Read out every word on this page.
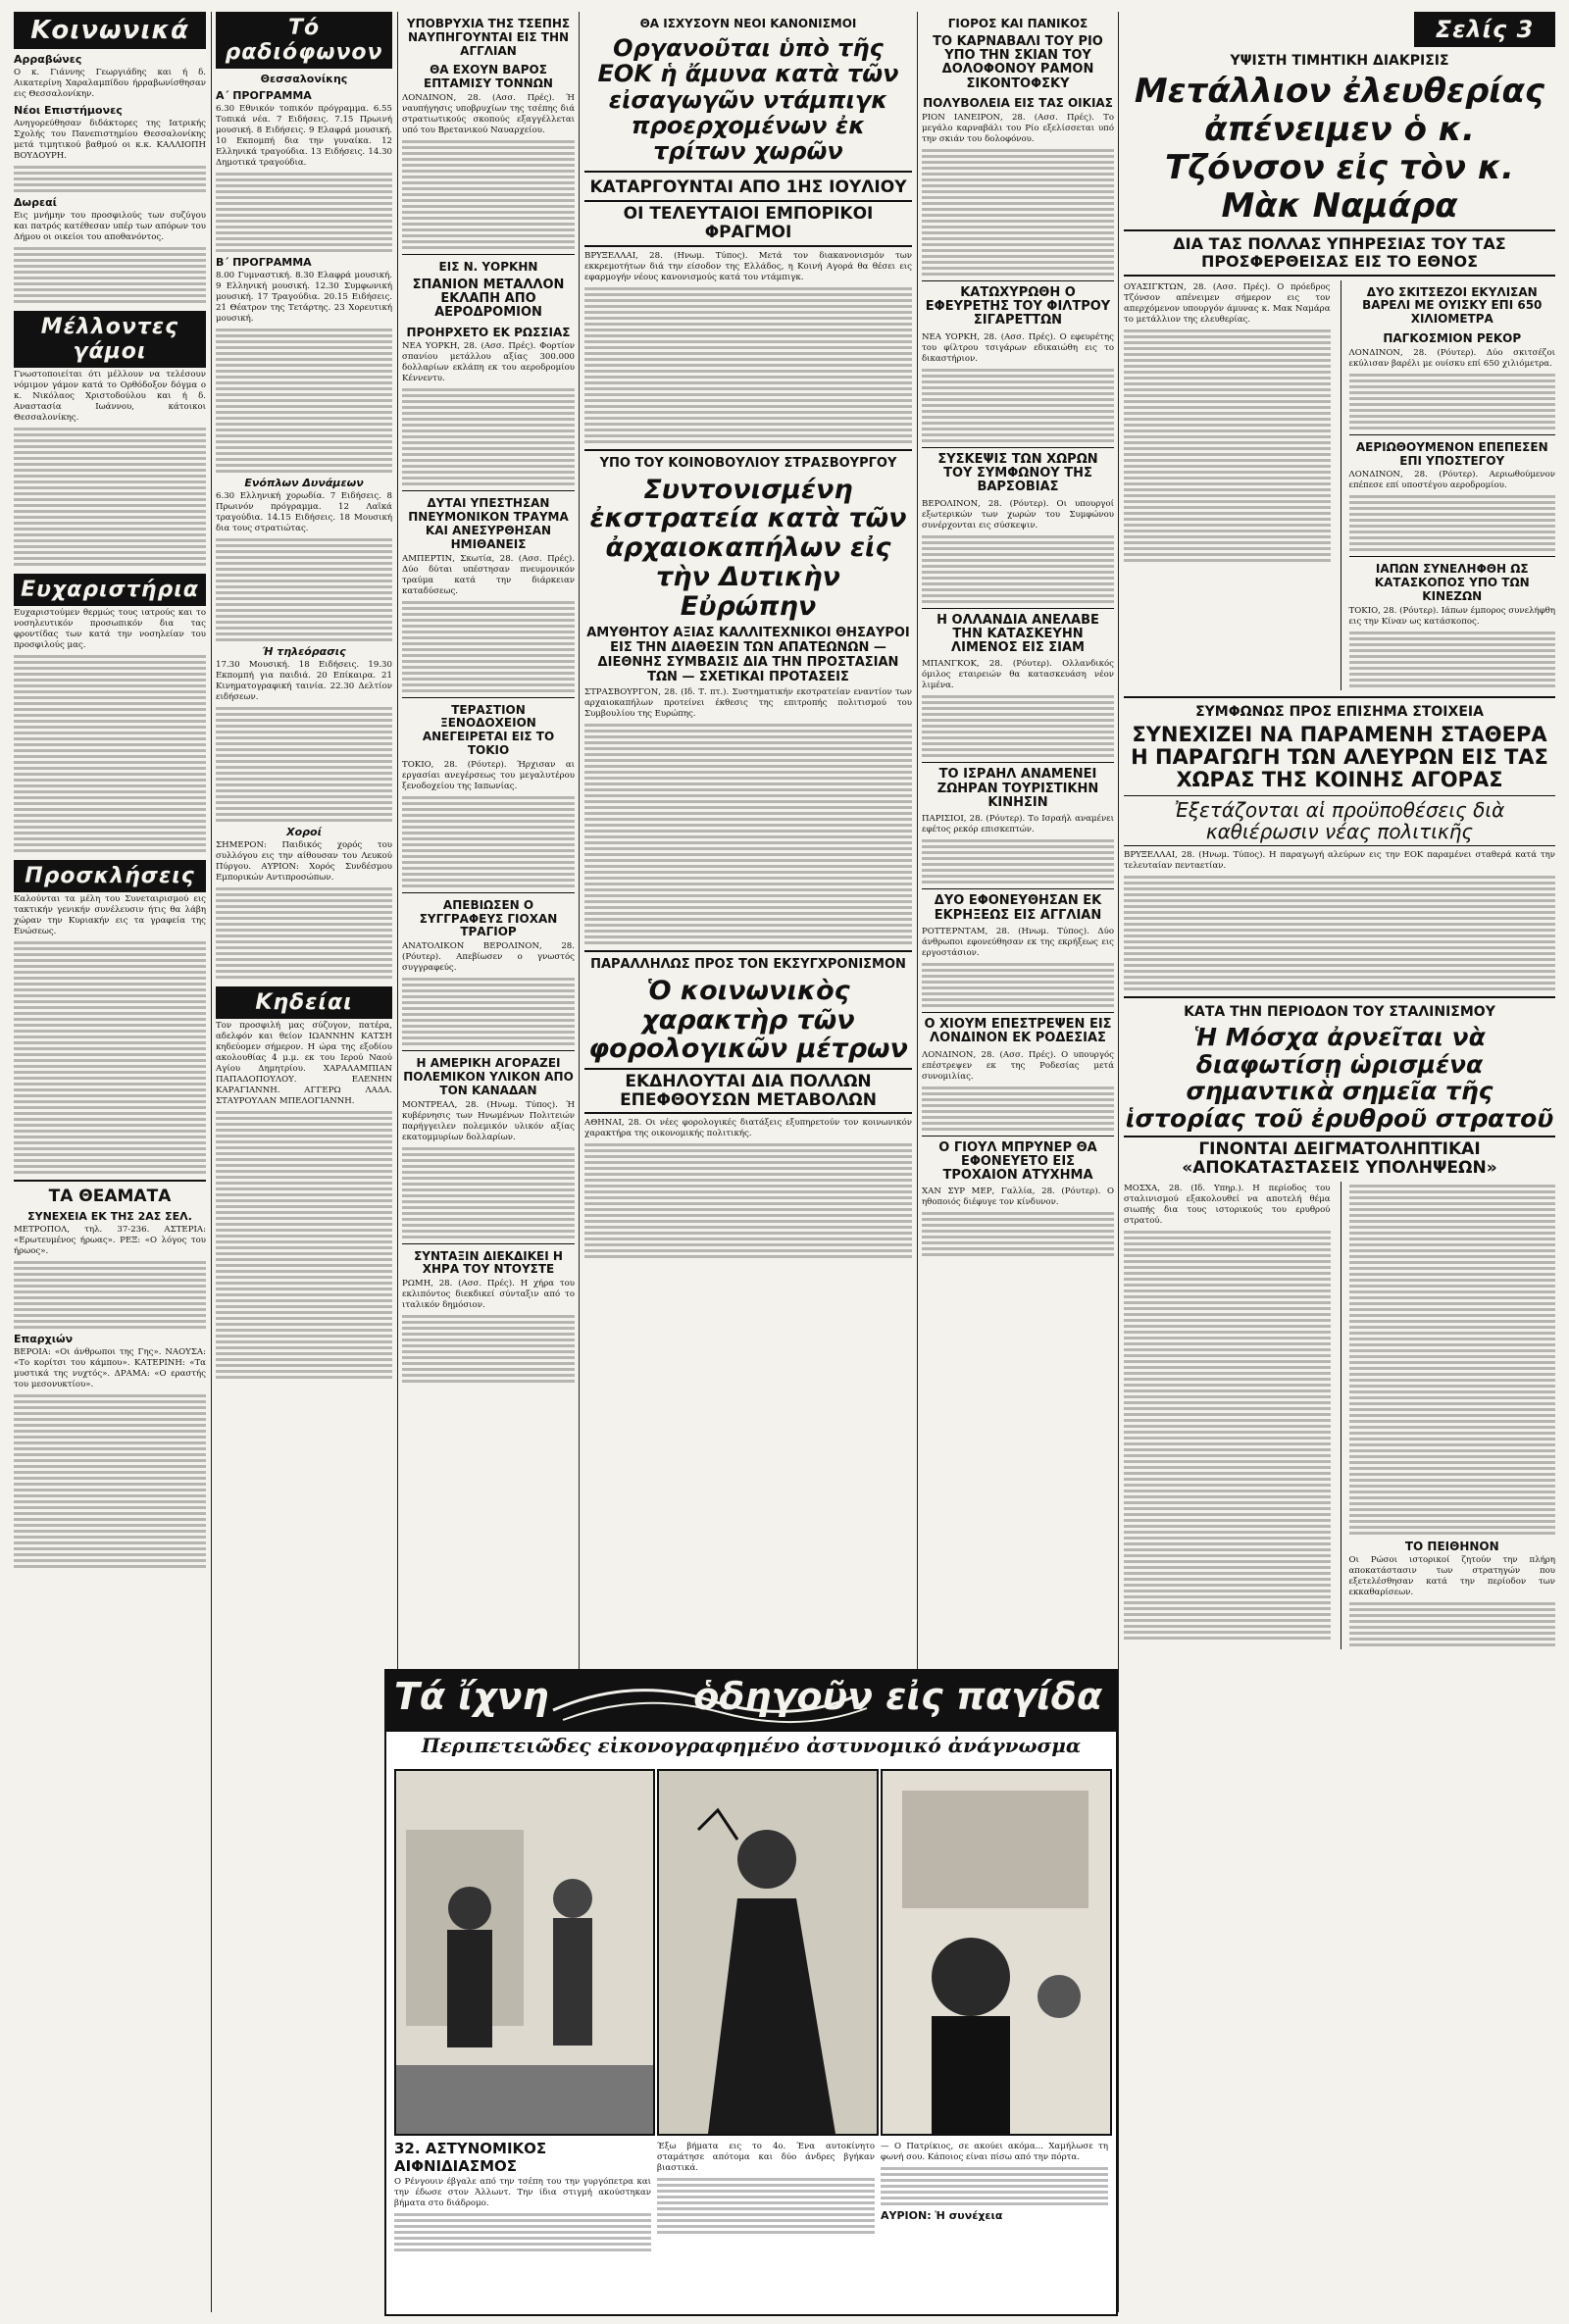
Κοινωνικά
Αρραβώνες
Ο κ. Γιάννης Γεωργιάδης και ή δ. Αικατερίνη Χαραλαμπίδου ήρραβωνίσθησαν εις Θεσσαλονίκην.
Νέοι Επιστήμονες
Ανηγορεύθησαν διδάκτορες της Ιατρικής Σχολής του Πανεπιστημίου Θεσσαλονίκης μετά τιμητικού βαθμού οι κ.κ. ΚΑΛΛΙΟΠΗ ΒΟΥΔΟΥΡΗ.
Δωρεαί
Εις μνήμην του προσφιλούς των συζύγου και πατρός κατέθεσαν υπέρ των απόρων του Δήμου οι οικείοι του αποθανόντος.
Μέλλοντες γάμοι
Γνωστοποιείται ότι μέλλουν να τελέσουν νόμιμον γάμον κατά το Ορθόδοξον δόγμα ο κ. Νικόλαος Χριστοδούλου και ή δ. Αναστασία Ιωάννου, κάτοικοι Θεσσαλονίκης.
Ευχαριστήρια
Ευχαριστούμεν θερμώς τους ιατρούς και το νοσηλευτικόν προσωπικόν δια τας φροντίδας των κατά την νοσηλείαν του προσφιλούς μας.
Προσκλήσεις
Καλούνται τα μέλη του Συνεταιρισμού εις τακτικήν γενικήν συνέλευσιν ήτις θα λάβη χώραν την Κυριακήν εις τα γραφεία της Ενώσεως.
ΤΑ ΘΕΑΜΑΤΑ
ΣΥΝΕΧΕΙΑ ΕΚ ΤΗΣ 2ΑΣ ΣΕΛ.
ΜΕΤΡΟΠΟΛ, τηλ. 37-236. ΑΣΤΕΡΙΑ: «Ερωτευμένος ήρωας». ΡΕΞ: «Ο λόγος του ήρωος».
Επαρχιών
ΒΕΡΟΙΑ: «Οι άνθρωποι της Γης». ΝΑΟΥΣΑ: «Το κορίτσι του κάμπου». ΚΑΤΕΡΙΝΗ: «Τα μυστικά της νυχτός». ΔΡΑΜΑ: «Ο εραστής του μεσονυκτίου».
Τό ραδιόφωνον
Θεσσαλονίκης
Α΄ ΠΡΟΓΡΑΜΜΑ
6.30 Εθνικόν τοπικόν πρόγραμμα. 6.55 Τοπικά νέα. 7 Ειδήσεις. 7.15 Πρωινή μουσική. 8 Ειδήσεις. 9 Ελαφρά μουσική. 10 Εκπομπή δια την γυναίκα. 12 Ελληνικά τραγούδια. 13 Ειδήσεις. 14.30 Δημοτικά τραγούδια.
Β΄ ΠΡΟΓΡΑΜΜΑ
8.00 Γυμναστική. 8.30 Ελαφρά μουσική. 9 Ελληνική μουσική. 12.30 Συμφωνική μουσική. 17 Τραγούδια. 20.15 Ειδήσεις. 21 Θέατρον της Τετάρτης. 23 Χορευτική μουσική.
Ενόπλων Δυνάμεων
6.30 Ελληνική χορωδία. 7 Ειδήσεις. 8 Πρωινόν πρόγραμμα. 12 Λαϊκά τραγούδια. 14.15 Ειδήσεις. 18 Μουσική δια τους στρατιώτας.
Ή τηλεόρασις
17.30 Μουσική. 18 Ειδήσεις. 19.30 Εκπομπή για παιδιά. 20 Επίκαιρα. 21 Κινηματογραφική ταινία. 22.30 Δελτίον ειδήσεων.
Χοροί
ΣΗΜΕΡΟΝ: Παιδικός χορός του συλλόγου εις την αίθουσαν του Λευκού Πύργου. ΑΥΡΙΟΝ: Χορός Συνδέσμου Εμπορικών Αντιπροσώπων.
Κηδείαι
Τον προσφιλή μας σύζυγον, πατέρα, αδελφόν και θείον ΙΩΑΝΝΗΝ ΚΑΤΣΗ κηδεύομεν σήμερον. Η ώρα της εξοδίου ακολουθίας 4 μ.μ. εκ του Ιερού Ναού Αγίου Δημητρίου. ΧΑΡΑΛΑΜΠΙΑΝ ΠΑΠΑΔΟΠΟΥΛΟΥ. ΕΛΕΝΗΝ ΚΑΡΑΓΙΑΝΝΗ. ΑΓΓΕΡΩ ΛΑΔΑ. ΣΤΑΥΡΟΥΛΑΝ ΜΠΕΛΟΓΙΑΝΝΗ.
ΥΠΟΒΡΥΧΙΑ ΤΗΣ ΤΣΕΠΗΣ ΝΑΥΠΗΓΟΥΝΤΑΙ ΕΙΣ ΤΗΝ ΑΓΓΛΙΑΝ
ΘΑ ΕΧΟΥΝ ΒΑΡΟΣ ΕΠΤΑΜΙΣΥ ΤΟΝΝΩΝ
ΛΟΝΔΙΝΟΝ, 28. (Ασσ. Πρές). Ή ναυπήγησις υποβρυχίων της τσέπης διά στρατιωτικούς σκοπούς εξαγγέλλεται υπό του Βρετανικού Ναυαρχείου.
ΕΙΣ Ν. ΥΟΡΚΗΝ
ΣΠΑΝΙΟΝ ΜΕΤΑΛΛΟΝ ΕΚΛΑΠΗ ΑΠΟ ΑΕΡΟΔΡΟΜΙΟΝ
ΠΡΟΗΡΧΕΤΟ ΕΚ ΡΩΣΣΙΑΣ
ΝΕΑ ΥΟΡΚΗ, 28. (Ασσ. Πρές). Φορτίον σπανίου μετάλλου αξίας 300.000 δολλαρίων εκλάπη εκ του αεροδρομίου Κέννεντυ.
ΔΥΤΑΙ ΥΠΕΣΤΗΣΑΝ ΠΝΕΥΜΟΝΙΚΟΝ ΤΡΑΥΜΑ ΚΑΙ ΑΝΕΣΥΡΘΗΣΑΝ ΗΜΙΘΑΝΕΙΣ
ΑΜΠΕΡΤΙΝ, Σκωτία, 28. (Ασσ. Πρές). Δύο δύται υπέστησαν πνευμονικόν τραύμα κατά την διάρκειαν καταδύσεως.
ΤΕΡΑΣΤΙΟΝ ΞΕΝΟΔΟΧΕΙΟΝ ΑΝΕΓΕΙΡΕΤΑΙ ΕΙΣ ΤΟ ΤΟΚΙΟ
ΤΟΚΙΟ, 28. (Ρόυτερ). Ήρχισαν αι εργασίαι ανεγέρσεως του μεγαλυτέρου ξενοδοχείου της Ιαπωνίας.
ΑΠΕΒΙΩΣΕΝ Ο ΣΥΓΓΡΑΦΕΥΣ ΓΙΟΧΑΝ ΤΡΑΓΙΟΡ
ΑΝΑΤΟΛΙΚΟΝ ΒΕΡΟΛΙΝΟΝ, 28. (Ρόυτερ). Απεβίωσεν ο γνωστός συγγραφεύς.
Η ΑΜΕΡΙΚΗ ΑΓΟΡΑΖΕΙ ΠΟΛΕΜΙΚΟΝ ΥΛΙΚΟΝ ΑΠΟ ΤΟΝ ΚΑΝΑΔΑΝ
ΜΟΝΤΡΕΑΛ, 28. (Ηνωμ. Τύπος). Ή κυβέρνησις των Ηνωμένων Πολιτειών παρήγγειλεν πολεμικόν υλικόν αξίας εκατομμυρίων δολλαρίων.
ΣΥΝΤΑΞΙΝ ΔΙΕΚΔΙΚΕΙ Η ΧΗΡΑ ΤΟΥ ΝΤΟΥΣΤΕ
ΡΩΜΗ, 28. (Ασσ. Πρές). Η χήρα του εκλιπόντος διεκδικεί σύνταξιν από το ιταλικόν δημόσιον.
ΘΑ ΙΣΧΥΣΟΥΝ ΝΕΟΙ ΚΑΝΟΝΙΣΜΟΙ
Οργανοῦται ὑπὸ τῆς ΕΟΚ ἡ ἄμυνα κατὰ τῶν εἰσαγωγῶν ντάμπιγκ προερχομένων ἐκ τρίτων χωρῶν
ΚΑΤΑΡΓΟΥΝΤΑΙ ΑΠΟ 1ΗΣ ΙΟΥΛΙΟΥ
ΟΙ ΤΕΛΕΥΤΑΙΟΙ ΕΜΠΟΡΙΚΟΙ ΦΡΑΓΜΟΙ
ΒΡΥΞΕΛΛΑΙ, 28. (Ηνωμ. Τύπος). Μετά τον διακανονισμόν των εκκρεμοτήτων διά την είσοδον της Ελλάδος, η Κοινή Αγορά θα θέσει εις εφαρμογήν νέους κανονισμούς κατά του ντάμπιγκ.
ΥΠΟ ΤΟΥ ΚΟΙΝΟΒΟΥΛΙΟΥ ΣΤΡΑΣΒΟΥΡΓΟΥ
Συντονισμένη ἐκστρατεία κατὰ τῶν ἀρχαιοκαπήλων εἰς τὴν Δυτικὴν Εὐρώπην
ΑΜΥΘΗΤΟΥ ΑΞΙΑΣ ΚΑΛΛΙΤΕΧΝΙΚΟΙ ΘΗΣΑΥΡΟΙ ΕΙΣ ΤΗΝ ΔΙΑΘΕΣΙΝ ΤΩΝ ΑΠΑΤΕΩΝΩΝ — ΔΙΕΘΝΗΣ ΣΥΜΒΑΣΙΣ ΔΙΑ ΤΗΝ ΠΡΟΣΤΑΣΙΑΝ ΤΩΝ — ΣΧΕΤΙΚΑΙ ΠΡΟΤΑΣΕΙΣ
ΣΤΡΑΣΒΟΥΡΓΟΝ, 28. (Ιδ. Τ. πτ.). Συστηματικήν εκστρατείαν εναντίον των αρχαιοκαπήλων προτείνει έκθεσις της επιτροπής πολιτισμού του Συμβουλίου της Ευρώπης.
ΠΑΡΑΛΛΗΛΩΣ ΠΡΟΣ ΤΟΝ ΕΚΣΥΓΧΡΟΝΙΣΜΟΝ
Ὁ κοινωνικὸς χαρακτὴρ τῶν φορολογικῶν μέτρων
ΕΚΔΗΛΟΥΤΑΙ ΔΙΑ ΠΟΛΛΩΝ ΕΠΕΦΘΟΥΣΩΝ ΜΕΤΑΒΟΛΩΝ
ΑΘΗΝΑΙ, 28. Οι νέες φορολογικές διατάξεις εξυπηρετούν τον κοινωνικόν χαρακτήρα της οικονομικής πολιτικής.
ΓΙΟΡΟΣ ΚΑΙ ΠΑΝΙΚΟΣ
ΤΟ ΚΑΡΝΑΒΑΛΙ ΤΟΥ ΡΙΟ ΥΠΟ ΤΗΝ ΣΚΙΑΝ ΤΟΥ ΔΟΛΟΦΟΝΟΥ ΡΑΜΟΝ ΣΙΚΟΝΤΟΦΣΚΥ
ΠΟΛΥΒΟΛΕΙΑ ΕΙΣ ΤΑΣ ΟΙΚΙΑΣ
ΡΙΟΝ ΙΑΝΕΙΡΟΝ, 28. (Ασσ. Πρές). Το μεγάλο καρναβάλι του Ρίο εξελίσσεται υπό την σκιάν του δολοφόνου.
ΚΑΤΩΧΥΡΩΘΗ Ο ΕΦΕΥΡΕΤΗΣ ΤΟΥ ΦΙΛΤΡΟΥ ΣΙΓΑΡΕΤΤΩΝ
ΝΕΑ ΥΟΡΚΗ, 28. (Ασσ. Πρές). Ο εφευρέτης του φίλτρου τσιγάρων εδικαιώθη εις το δικαστήριον.
ΣΥΣΚΕΨΙΣ ΤΩΝ ΧΩΡΩΝ ΤΟΥ ΣΥΜΦΩΝΟΥ ΤΗΣ ΒΑΡΣΟΒΙΑΣ
ΒΕΡΟΛΙΝΟΝ, 28. (Ρόυτερ). Οι υπουργοί εξωτερικών των χωρών του Συμφώνου συνέρχονται εις σύσκεψιν.
Η ΟΛΛΑΝΔΙΑ ΑΝΕΛΑΒΕ ΤΗΝ ΚΑΤΑΣΚΕΥΗΝ ΛΙΜΕΝΟΣ ΕΙΣ ΣΙΑΜ
ΜΠΑΝΓΚΟΚ, 28. (Ρόυτερ). Ολλανδικός όμιλος εταιρειών θα κατασκευάση νέον λιμένα.
ΤΟ ΙΣΡΑΗΛ ΑΝΑΜΕΝΕΙ ΖΩΗΡΑΝ ΤΟΥΡΙΣΤΙΚΗΝ ΚΙΝΗΣΙΝ
ΠΑΡΙΣΙΟΙ, 28. (Ρόυτερ). Το Ισραήλ αναμένει εφέτος ρεκόρ επισκεπτών.
ΔΥΟ ΕΦΟΝΕΥΘΗΣΑΝ ΕΚ ΕΚΡΗΞΕΩΣ ΕΙΣ ΑΓΓΛΙΑΝ
ΡΟΤΤΕΡΝΤΑΜ, 28. (Ηνωμ. Τύπος). Δύο άνθρωποι εφονεύθησαν εκ της εκρήξεως εις εργοστάσιον.
Ο ΧΙΟΥΜ ΕΠΕΣΤΡΕΨΕΝ ΕΙΣ ΛΟΝΔΙΝΟΝ ΕΚ ΡΟΔΕΣΙΑΣ
ΛΟΝΔΙΝΟΝ, 28. (Ασσ. Πρές). Ο υπουργός επέστρεψεν εκ της Ροδεσίας μετά συνομιλίας.
Ο ΓΙΟΥΛ ΜΠΡΥΝΕΡ ΘΑ ΕΦΟΝΕΥΕΤΟ ΕΙΣ ΤΡΟΧΑΙΟΝ ΑΤΥΧΗΜΑ
ΧΑΝ ΣΥΡ ΜΕΡ, Γαλλία, 28. (Ρόυτερ). Ο ηθοποιός διέφυγε τον κίνδυνον.
Σελίς 3
ΥΨΙΣΤΗ ΤΙΜΗΤΙΚΗ ΔΙΑΚΡΙΣΙΣ
Μετάλλιον ἐλευθερίας ἀπένειμεν ὁ κ. Τζόνσον εἰς τὸν κ. Μὰκ Ναμάρα
ΔΙΑ ΤΑΣ ΠΟΛΛΑΣ ΥΠΗΡΕΣΙΑΣ ΤΟΥ ΤΑΣ ΠΡΟΣΦΕΡΘΕΙΣΑΣ ΕΙΣ ΤΟ ΕΘΝΟΣ
ΟΥΑΣΙΓΚΤΩΝ, 28. (Ασσ. Πρές). Ο πρόεδρος Τζόνσον απένειμεν σήμερον εις τον απερχόμενον υπουργόν άμυνας κ. Μακ Ναμάρα το μετάλλιον της ελευθερίας.
ΔΥΟ ΣΚΙΤΣΕΖΟΙ ΕΚΥΛΙΣΑΝ ΒΑΡΕΛΙ ΜΕ ΟΥΙΣΚΥ ΕΠΙ 650 ΧΙΛΙΟΜΕΤΡΑ
ΠΑΓΚΟΣΜΙΟΝ ΡΕΚΟΡ
ΛΟΝΔΙΝΟΝ, 28. (Ρόυτερ). Δύο σκιτσέζοι εκύλισαν βαρέλι με ουίσκυ επί 650 χιλιόμετρα.
ΑΕΡΙΩΘΟΥΜΕΝΟΝ ΕΠΕΠΕΣΕΝ ΕΠΙ ΥΠΟΣΤΕΓΟΥ
ΛΟΝΔΙΝΟΝ, 28. (Ρόυτερ). Αεριωθούμενον επέπεσε επί υποστέγου αεροδρομίου.
ΙΑΠΩΝ ΣΥΝΕΛΗΦΘΗ ΩΣ ΚΑΤΑΣΚΟΠΟΣ ΥΠΟ ΤΩΝ ΚΙΝΕΖΩΝ
ΤΟΚΙΟ, 28. (Ρόυτερ). Ιάπων έμπορος συνελήφθη εις την Κίναν ως κατάσκοπος.
ΣΥΜΦΩΝΩΣ ΠΡΟΣ ΕΠΙΣΗΜΑ ΣΤΟΙΧΕΙΑ
ΣΥΝΕΧΙΖΕΙ ΝΑ ΠΑΡΑΜΕΝΗ ΣΤΑΘΕΡΑ Η ΠΑΡΑΓΩΓΗ ΤΩΝ ΑΛΕΥΡΩΝ ΕΙΣ ΤΑΣ ΧΩΡΑΣ ΤΗΣ ΚΟΙΝΗΣ ΑΓΟΡΑΣ
Ἐξετάζονται αἱ προϋποθέσεις διὰ καθιέρωσιν νέας πολιτικῆς
ΒΡΥΞΕΛΛΑΙ, 28. (Ηνωμ. Τύπος). Η παραγωγή αλεύρων εις την ΕΟΚ παραμένει σταθερά κατά την τελευταίαν πενταετίαν.
ΚΑΤΑ ΤΗΝ ΠΕΡΙΟΔΟΝ ΤΟΥ ΣΤΑΛΙΝΙΣΜΟΥ
Ἡ Μόσχα ἀρνεῖται νὰ διαφωτίσῃ ὡρισμένα σημαντικὰ σημεῖα τῆς ἱστορίας τοῦ ἐρυθροῦ στρατοῦ
ΓΙΝΟΝΤΑΙ ΔΕΙΓΜΑΤΟΛΗΠΤΙΚΑΙ «ΑΠΟΚΑΤΑΣΤΑΣΕΙΣ ΥΠΟΛΗΨΕΩΝ»
ΜΟΣΧΑ, 28. (Ιδ. Υπηρ.). Η περίοδος του σταλινισμού εξακολουθεί να αποτελή θέμα σιωπής δια τους ιστορικούς του ερυθρού στρατού.
ΤΟ ΠΕΙΘΗΝΟΝ
Οι Ρώσοι ιστορικοί ζητούν την πλήρη αποκατάστασιν των στρατηγών που εξετελέσθησαν κατά την περίοδον των εκκαθαρίσεων.
Τά ἴχνη	ὁδηγοῦν εἰς παγίδα
Περιπετειῶδες εἰκονογραφημένο ἀστυνομικό ἀνάγνωσμα
32. ΑΣΤΥΝΟΜΙΚΟΣ ΑΙΦΝΙΔΙΑΣΜΟΣ
Ο Ρένγουιν έβγαλε από την τσέπη του την γυργόπετρα και την έδωσε στον Άλλωντ. Την ίδια στιγμή ακούστηκαν βήματα στο διάδρομο.
Έξω βήματα εις το 4ο. Ένα αυτοκίνητο σταμάτησε απότομα και δύο άνδρες βγήκαν βιαστικά.
— Ο Πατρίκιος, σε ακούει ακόμα... Χαμήλωσε τη φωνή σου. Κάποιος είναι πίσω από την πόρτα.
ΑΥΡΙΟΝ: Ἡ συνέχεια
